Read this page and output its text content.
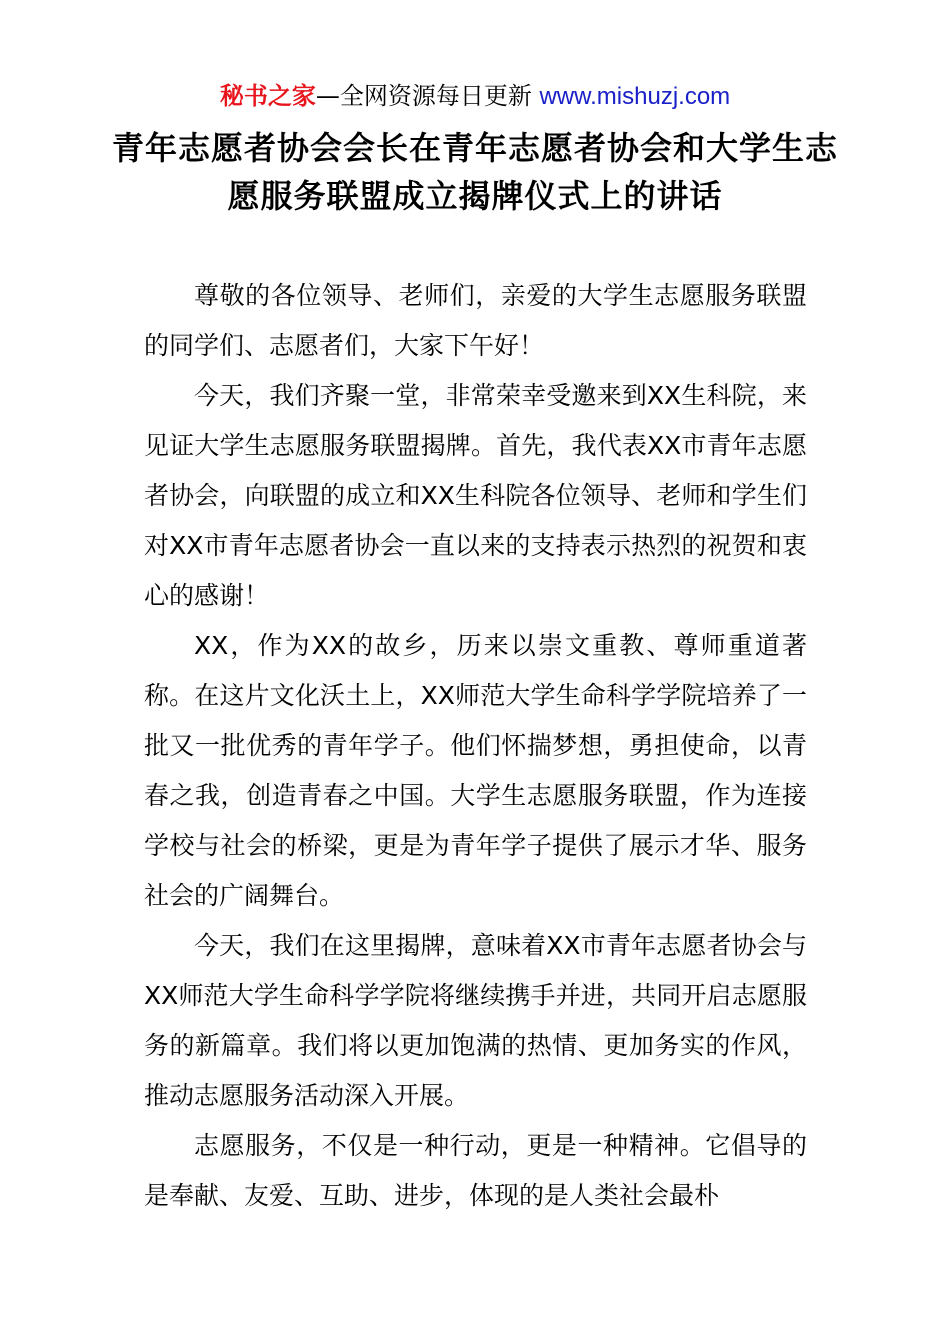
秘书之家—全网资源每日更新 www.mishuzj.com
青年志愿者协会会长在青年志愿者协会和大学生志愿服务联盟成立揭牌仪式上的讲话

尊敬的各位领导、老师们，亲爱的大学生志愿服务联盟的同学们、志愿者们，大家下午好！

今天，我们齐聚一堂，非常荣幸受邀来到XX生科院，来见证大学生志愿服务联盟揭牌。首先，我代表XX市青年志愿者协会，向联盟的成立和XX生科院各位领导、老师和学生们对XX市青年志愿者协会一直以来的支持表示热烈的祝贺和衷心的感谢！

XX，作为XX的故乡，历来以崇文重教、尊师重道著称。在这片文化沃土上，XX师范大学生命科学学院培养了一批又一批优秀的青年学子。他们怀揣梦想，勇担使命，以青春之我，创造青春之中国。大学生志愿服务联盟，作为连接学校与社会的桥梁，更是为青年学子提供了展示才华、服务社会的广阔舞台。

今天，我们在这里揭牌，意味着XX市青年志愿者协会与XX师范大学生命科学学院将继续携手并进，共同开启志愿服务的新篇章。我们将以更加饱满的热情、更加务实的作风，推动志愿服务活动深入开展。

志愿服务，不仅是一种行动，更是一种精神。它倡导的是奉献、友爱、互助、进步，体现的是人类社会最朴
